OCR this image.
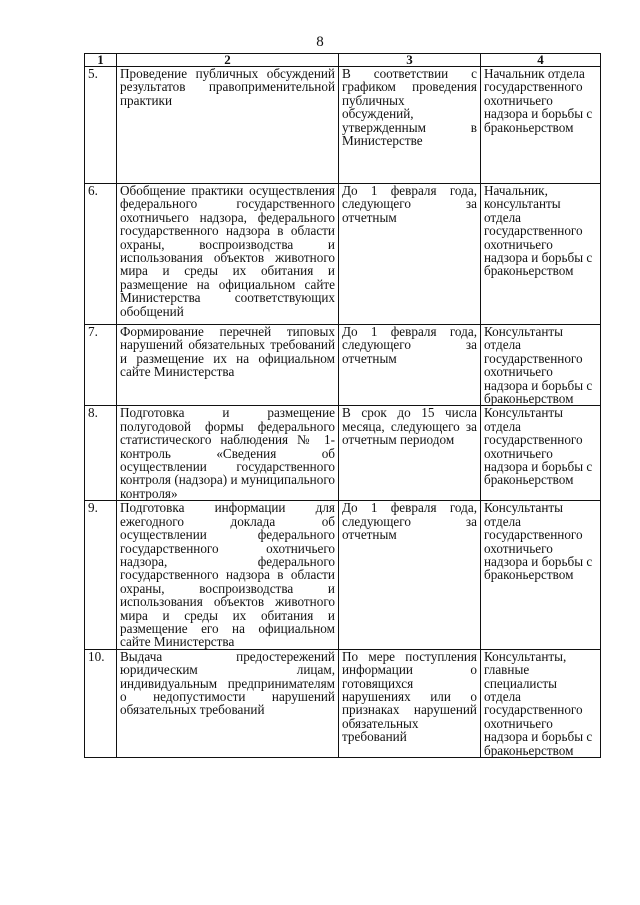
8
1	2	3	4
5.	Проведение публичных обсуждений результатов правоприменительной практики	В соответствии с графиком проведения публичных обсуждений, утвержденным в Министерстве	Начальник отдела государственного охотничьего надзора и борьбы с браконьерством
6.	Обобщение практики осуществления федерального государственного охотничьего надзора, федерального государственного надзора в области охраны, воспроизводства и использования объектов животного мира и среды их обитания и размещение на официальном сайте Министерства соответствующих обобщений	До 1 февраля года, следующего за отчетным	Начальник, консультанты отдела государственного охотничьего надзора и борьбы с браконьерством
7.	Формирование перечней типовых нарушений обязательных требований и размещение их на официальном сайте Министерства	До 1 февраля года, следующего за отчетным	Консультанты отдела государственного охотничьего надзора и борьбы с браконьерством
8.	Подготовка и размещение полугодовой формы федерального статистического наблюдения № 1-контроль «Сведения об осуществлении государственного контроля (надзора) и муниципального контроля»	В срок до 15 числа месяца, следующего за отчетным периодом	Консультанты отдела государственного охотничьего надзора и борьбы с браконьерством
9.	Подготовка информации для ежегодного доклада об осуществлении федерального государственного охотничьего надзора, федерального государственного надзора в области охраны, воспроизводства и использования объектов животного мира и среды их обитания и размещение его на официальном сайте Министерства	До 1 февраля года, следующего за отчетным	Консультанты отдела государственного охотничьего надзора и борьбы с браконьерством
10.	Выдача предостережений юридическим лицам, индивидуальным предпринимателям о недопустимости нарушений обязательных требований	По мере поступления информации о готовящихся нарушениях или о признаках нарушений обязательных требований	Консультанты, главные специалисты отдела государственного охотничьего надзора и борьбы с браконьерством
